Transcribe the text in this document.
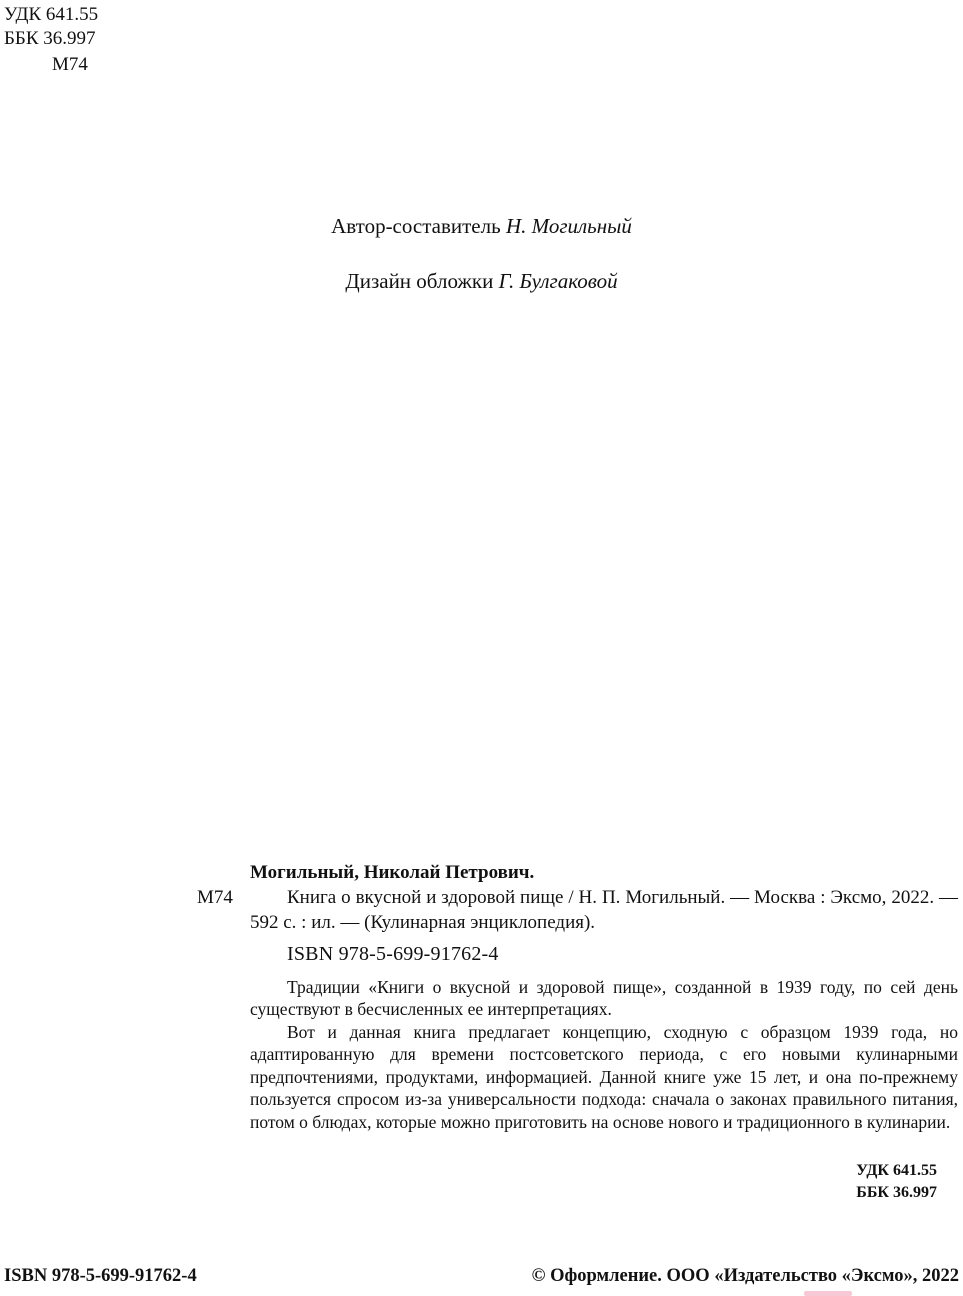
УДК 641.55
ББК 36.997
М74
Автор-составитель Н. Могильный
Дизайн обложки Г. Булгаковой
Могильный, Николай Петрович.
М74	Книга о вкусной и здоровой пище / Н. П. Могильный. — Москва : Эксмо, 2022. — 592 с. : ил. — (Кулинарная энциклопедия).
ISBN 978-5-699-91762-4

Традиции «Книги о вкусной и здоровой пище», созданной в 1939 году, по сей день существуют в бесчисленных ее интерпретациях.

Вот и данная книга предлагает концепцию, сходную с образцом 1939 года, но адаптированную для времени постсоветского периода, с его новыми кулинарными предпочтениями, продуктами, информацией. Данной книге уже 15 лет, и она по-прежнему пользуется спросом из-за универсальности подхода: сначала о законах правильного питания, потом о блюдах, которые можно приготовить на основе нового и традиционного в кулинарии.

УДК 641.55
ББК 36.997
ISBN 978-5-699-91762-4	© Оформление. ООО «Издательство «Эксмо», 2022
